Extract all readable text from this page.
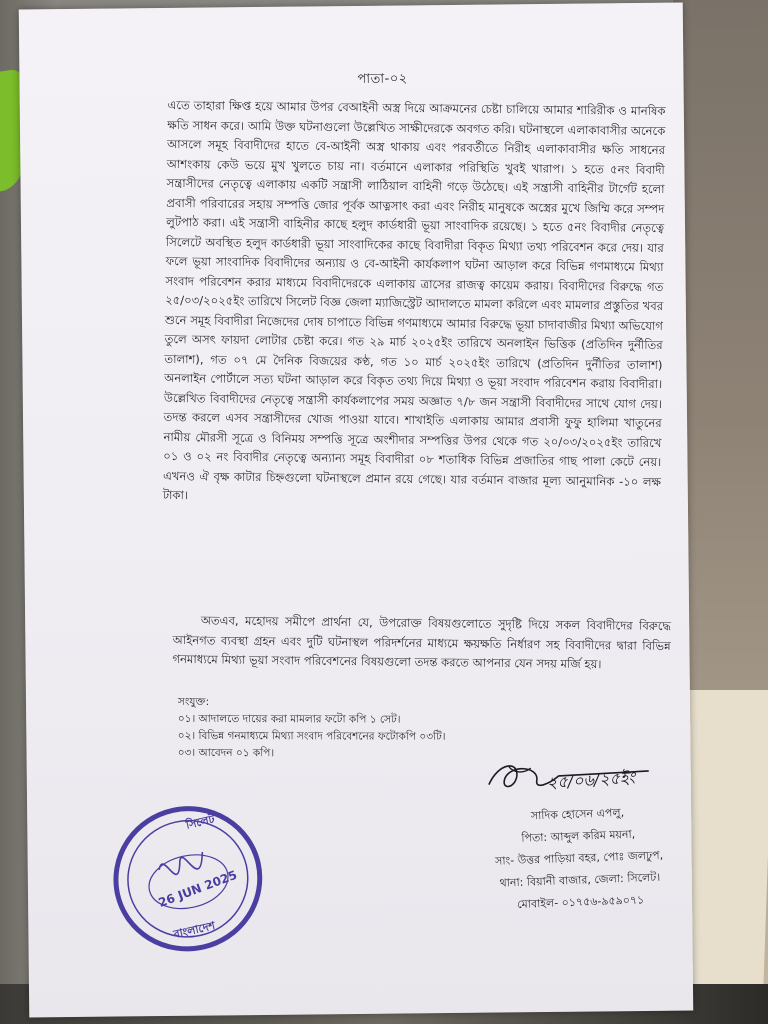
পাতা-০২

এতে তাহারা ক্ষিপ্ত হয়ে আমার উপর বেআইনী অস্ত্র দিয়ে আক্রমনের চেষ্টা চালিয়ে আমার শারিরীক ও মানষিক ক্ষতি সাধন করে। আমি উক্ত ঘটনাগুলো উল্লেখিত সাক্ষীদেরকে অবগত করি। ঘটনাস্থলে এলাকাবাসীর অনেকে আসলে সমূহ বিবাদীদের হাতে বে-আইনী অস্ত্র থাকায় এবং পরবর্তীতে নিরীহ এলাকাবাসীর ক্ষতি সাধনের আশংকায় কেউ ভয়ে মুখ খুলতে চায় না। বর্তমানে এলাকার পরিস্থিতি খুবই খারাপ। ১ হতে ৫নং বিবাদী সন্ত্রাসীদের নেতৃত্বে এলাকায় একটি সন্ত্রাসী লাঠিয়াল বাহিনী গড়ে উঠেছে। এই সন্ত্রাসী বাহিনীর টার্গেট হলো প্রবাসী পরিবারের সহায় সম্পত্তি জোর পূর্বক আত্নসাৎ করা এবং নিরীহ মানুষকে অস্ত্রের মুখে জিম্মি করে সম্পদ লুটপাঠ করা। এই সন্ত্রাসী বাহিনীর কাছে হলুদ কার্ডধারী ভূয়া সাংবাদিক রয়েছে। ১ হতে ৫নং বিবাদীর নেতৃত্বে সিলেটে অবস্থিত হলুদ কার্ডধারী ভূয়া সাংবাদিকের কাছে বিবাদীরা বিকৃত মিথ্যা তথ্য পরিবেশন করে দেয়। যার ফলে ভূয়া সাংবাদিক বিবাদীদের অন্যায় ও বে-আইনী কার্যকলাপ ঘটনা আড়াল করে বিভিন্ন গণমাধ্যমে মিথ্যা সংবাদ পরিবেশন করার মাধ্যমে বিবাদীদেরকে এলাকায় ত্রাসের রাজত্ব কায়েম করায়। বিবাদীদের বিরুদ্ধে গত ২৫/০৩/২০২৫ইং তারিখে সিলেট বিজ্ঞ জেলা ম্যাজিস্ট্রেট আদালতে মামলা করিলে এবং মামলার প্রস্তুতির খবর শুনে সমূহ বিবাদীরা নিজেদের দোষ চাপাতে বিভিন্ন গণমাধ্যমে আমার বিরুদ্ধে ভূয়া চাদাবাজীর মিথ্যা অভিযোগ তুলে অসৎ ফায়দা লোটার চেষ্টা করে। গত ২৯ মার্চ ২০২৫ইং তারিখে অনলাইন ভিত্তিক (প্রতিদিন দুর্নীতির তালাশ), গত ০৭ মে দৈনিক বিজয়ের কণ্ঠ, গত ১০ মার্চ ২০২৫ইং তারিখে (প্রতিদিন দুর্নীতির তালাশ) অনলাইন পোর্টালে সত্য ঘটনা আড়াল করে বিকৃত তথ্য দিয়ে মিথ্যা ও ভূয়া সংবাদ পরিবেশন করায় বিবাদীরা। উল্লেখিত বিবাদীদের নেতৃত্বে সন্ত্রাসী কার্যকলাপের সময় অজ্ঞাত ৭/৮ জন সন্ত্রাসী বিবাদীদের সাথে যোগ দেয়। তদন্ত করলে এসব সন্ত্রাসীদের খোজ পাওয়া যাবে। শাখাইতি এলাকায় আমার প্রবাসী ফুফু হালিমা খাতুনের নামীয় মৌরসী সূত্রে ও বিনিময় সম্পত্তি সূত্রে অংশীদার সম্পত্তির উপর থেকে গত ২০/০৩/২০২৫ইং তারিখে ০১ ও ০২ নং বিবাদীর নেতৃত্বে অন্যান্য সমূহ বিবাদীরা ০৮ শতাধিক বিভিন্ন প্রজাতির গাছ পালা কেটে নেয়। এখনও ঐ বৃক্ষ কাটার চিহ্নগুলো ঘটনাস্থলে প্রমান রয়ে গেছে। যার বর্তমান বাজার মূল্য আনুমানিক -১০ লক্ষ টাকা।

অতএব, মহোদয় সমীপে প্রার্থনা যে, উপরোক্ত বিষয়গুলোতে সুদৃষ্টি দিয়ে সকল বিবাদীদের বিরুদ্ধে আইনগত ব্যবস্থা গ্রহন এবং দুটি ঘটনাস্থল পরিদর্শনের মাধ্যমে ক্ষয়ক্ষতি নির্ধারণ সহ বিবাদীদের দ্বারা বিভিন্ন গনমাধ্যমে মিথ্যা ভূয়া সংবাদ পরিবেশনের বিষয়গুলো তদন্ত করতে আপনার যেন সদয় মর্জি হয়।

সংযুক্ত:
০১। আদালতে দায়ের করা মামলার ফটো কপি ১ সেট।
০২। বিভিন্ন গনমাধ্যমে মিথ্যা সংবাদ পরিবেশনের ফটোকপি ০৩টি।
০৩। আবেদন ০১ কপি।
২৫/০৬/২৫ইং
সাদিক হোসেন এপলু,
পিতা: আব্দুল করিম ময়না,
সাং- উত্তর পাড়িয়া বহর, পোঃ জলঢুপ,
থানা: বিয়ানী বাজার, জেলা: সিলেট।
মোবাইল- ০১৭৫৬-৯৫৯০৭১
সিলেট
26 JUN 2025
বাংলাদেশ
